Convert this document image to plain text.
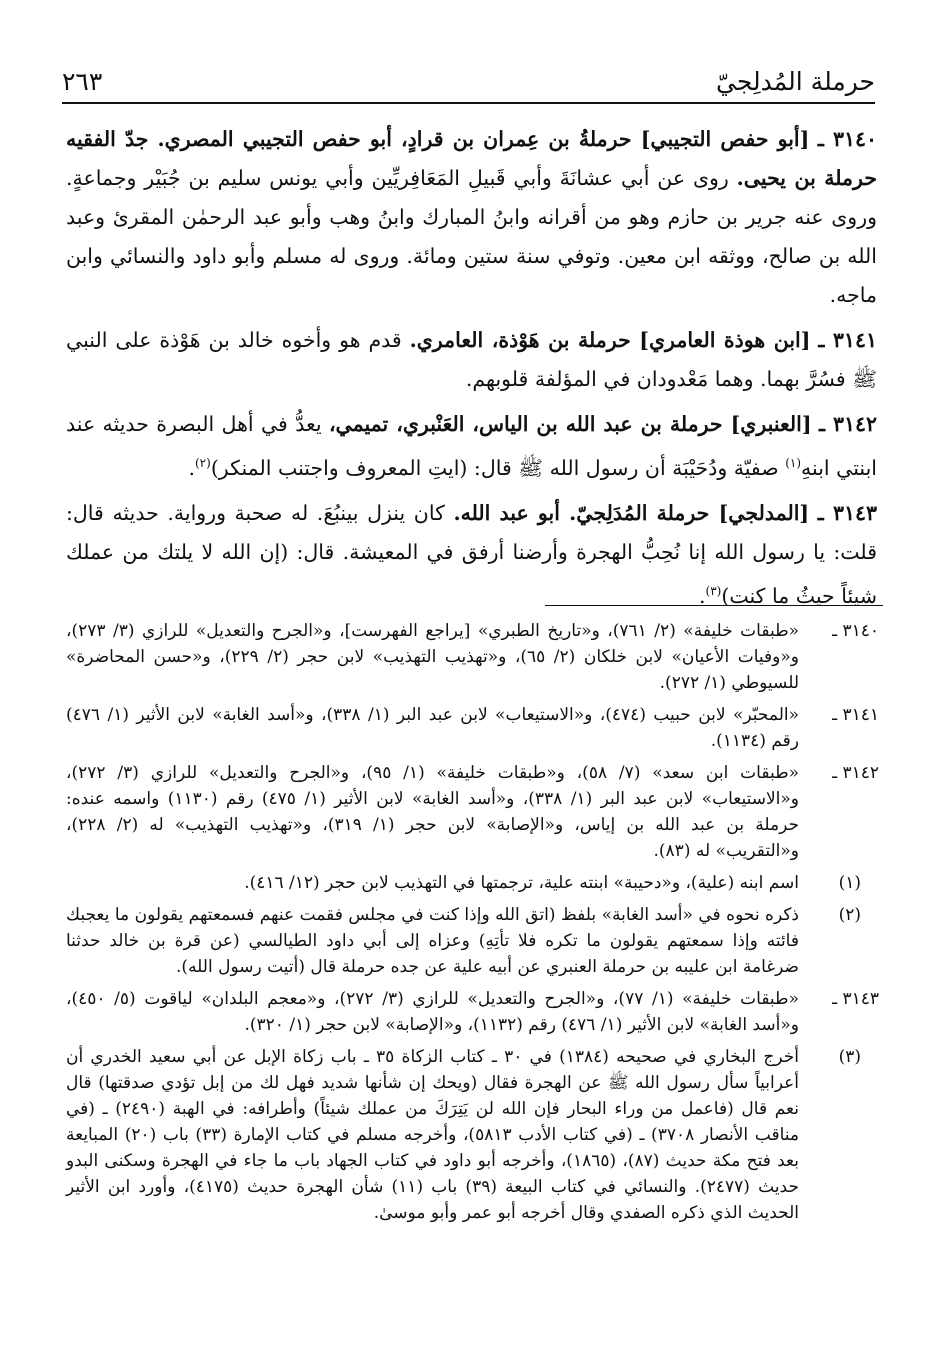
حرملة المُدلِجيّ
٢٦٣

٣١٤٠ ـ [أبو حفص التجيبي] حرملةُ بن عِمران بن قرادٍ، أبو حفص التجيبي المصري. جدّ الفقيه حرملة بن يحيى. روى عن أبي عشانَةَ وأبي قَبيلِ المَعَافِريِّين وأبي يونس سليم بن جُبَيْر وجماعةٍ. وروى عنه جرير بن حازم وهو من أقرانه وابنُ المبارك وابنُ وهب وأبو عبد الرحمٰن المقرئ وعبد الله بن صالح، ووثقه ابن معين. وتوفي سنة ستين ومائة. وروى له مسلم وأبو داود والنسائي وابن ماجه.

٣١٤١ ـ [ابن هوذة العامري] حرملة بن هَوْذة، العامري. قدم هو وأخوه خالد بن هَوْذة على النبي ﷺ فسُرَّ بهما. وهما مَعْدودان في المؤلفة قلوبهم.

٣١٤٢ ـ [العنبري] حرملة بن عبد الله بن الياس، العَنْبري، تميمي، يعدُّ في أهل البصرة حديثه عند ابنتي ابنهِ$^{(١)}$ صفيّة ودُحَيْبَة أن رسول الله ﷺ قال: (ايتِ المعروف واجتنب المنكر)$^{(٢)}$.

٣١٤٣ ـ [المدلجي] حرملة المُدَلِجيّ. أبو عبد الله. كان ينزل بينبُعَ. له صحبة ورواية. حديثه قال: قلت: يا رسول الله إنا نُحِبُّ الهجرة وأرضنا أرفق في المعيشة. قال: (إن الله لا يلتك من عملك شيئاً حيثُ ما كنت)$^{(٣)}$.

٣١٤٠ ـ
«طبقات خليفة» (٢/ ٧٦١)، و«تاريخ الطبري» [يراجع الفهرست]، و«الجرح والتعديل» للرازي (٣/ ٢٧٣)، و«وفيات الأعيان» لابن خلكان (٢/ ٦٥)، و«تهذيب التهذيب» لابن حجر (٢/ ٢٢٩)، و«حسن المحاضرة» للسيوطي (١/ ٢٧٢).
٣١٤١ ـ
«المحبّر» لابن حبيب (٤٧٤)، و«الاستيعاب» لابن عبد البر (١/ ٣٣٨)، و«أسد الغابة» لابن الأثير (١/ ٤٧٦) رقم (١١٣٤).
٣١٤٢ ـ
«طبقات ابن سعد» (٧/ ٥٨)، و«طبقات خليفة» (١/ ٩٥)، و«الجرح والتعديل» للرازي (٣/ ٢٧٢)، و«الاستيعاب» لابن عبد البر (١/ ٣٣٨)، و«أسد الغابة» لابن الأثير (١/ ٤٧٥) رقم (١١٣٠) واسمه عنده: حرملة بن عبد الله بن إياس، و«الإصابة» لابن حجر (١/ ٣١٩)، و«تهذيب التهذيب» له (٢/ ٢٢٨)، و«التقريب» له (٨٣).
(١)
اسم ابنه (علية)، و«دحيبة» ابنته علية، ترجمتها في التهذيب لابن حجر (١٢/ ٤١٦).
(٢)
ذكره نحوه في «أسد الغابة» بلفظ (اتق الله وإذا كنت في مجلس فقمت عنهم فسمعتهم يقولون ما يعجبك فائته وإذا سمعتهم يقولون ما تكره فلا تأتِهِ) وعزاه إلى أبي داود الطيالسي (عن قرة بن خالد حدثنا ضرغامة ابن عليبه بن حرملة العنبري عن أبيه علية عن جده حرملة قال (أتيت رسول الله).
٣١٤٣ ـ
«طبقات خليفة» (١/ ٧٧)، و«الجرح والتعديل» للرازي (٣/ ٢٧٢)، و«معجم البلدان» لياقوت (٥/ ٤٥٠)، و«أسد الغابة» لابن الأثير (١/ ٤٧٦) رقم (١١٣٢)، و«الإصابة» لابن حجر (١/ ٣٢٠).
(٣)
أخرج البخاري في صحيحه (١٣٨٤) في ٣٠ ـ كتاب الزكاة ٣٥ ـ باب زكاة الإبل عن أبي سعيد الخدري أن أعرابياً سأل رسول الله ﷺ عن الهجرة فقال (ويحك إن شأنها شديد فهل لك من إبل تؤدي صدقتها) قال نعم قال (فاعمل من وراء البحار فإن الله لن يَتِرَكَ من عملك شيئاً) وأطرافه: في الهبة (٢٤٩٠) ـ (في مناقب الأنصار ٣٧٠٨) ـ (في كتاب الأدب ٥٨١٣)، وأخرجه مسلم في كتاب الإمارة (٣٣) باب (٢٠) المبايعة بعد فتح مكة حديث (٨٧)، (١٨٦٥)، وأخرجه أبو داود في كتاب الجهاد باب ما جاء في الهجرة وسكنى البدو حديث (٢٤٧٧). والنسائي في كتاب البيعة (٣٩) باب (١١) شأن الهجرة حديث (٤١٧٥)، وأورد ابن الأثير الحديث الذي ذكره الصفدي وقال أخرجه أبو عمر وأبو موسىٰ.
